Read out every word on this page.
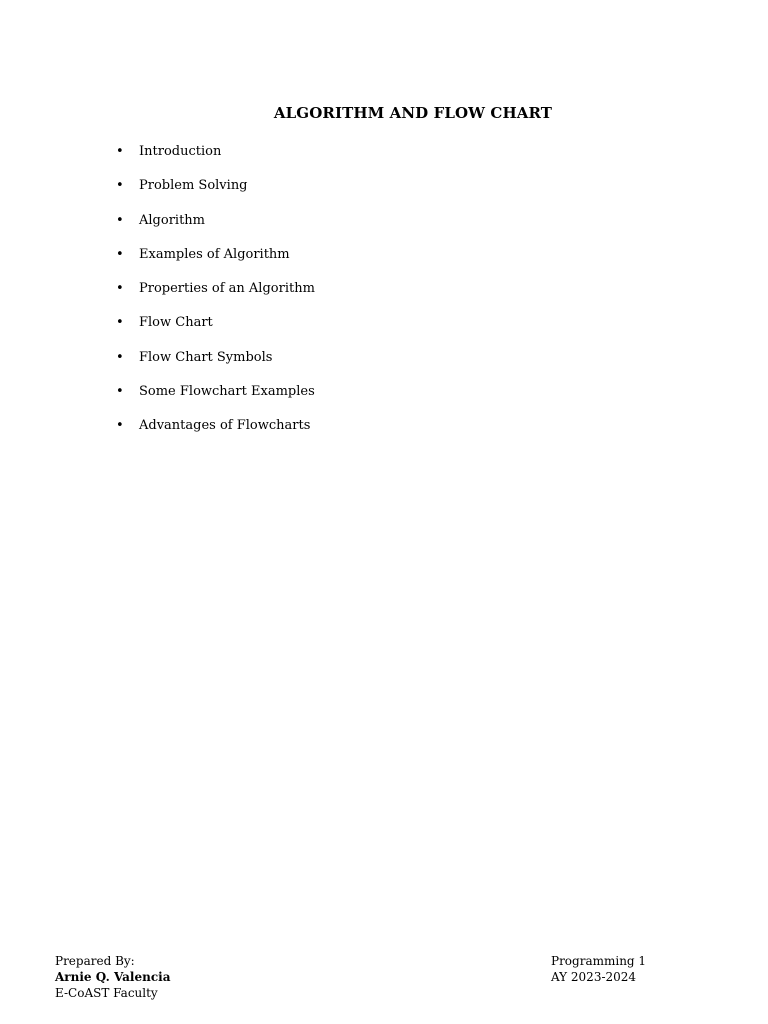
ALGORITHM AND FLOW CHART
• Introduction
• Problem Solving
• Algorithm
• Examples of Algorithm
• Properties of an Algorithm
• Flow Chart
• Flow Chart Symbols
• Some Flowchart Examples
• Advantages of Flowcharts
Prepared By:
Arnie Q. Valencia
E-CoAST Faculty
Programming 1
AY 2023-2024
